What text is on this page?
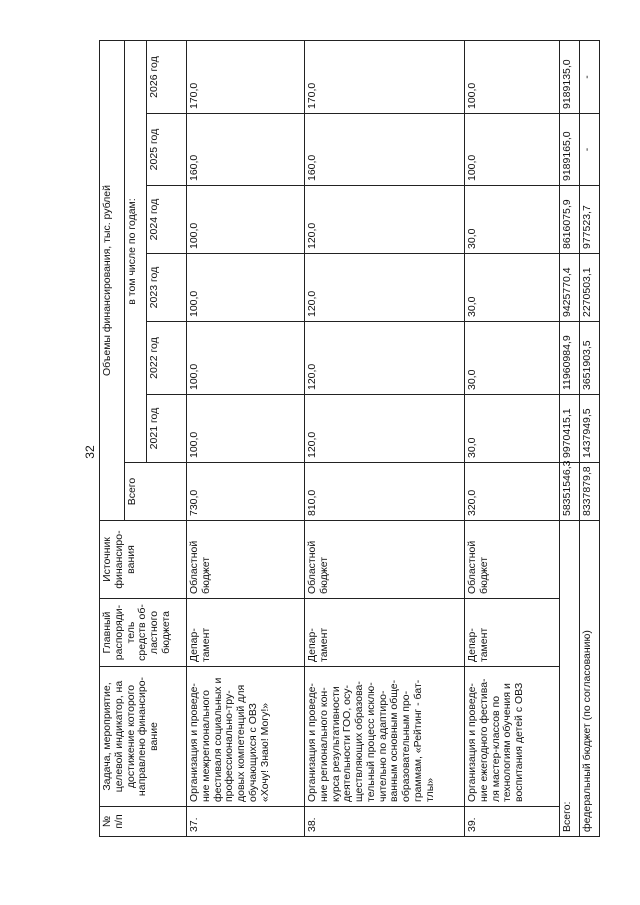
32
№ п/п	Задача, мероприятие, целевой индикатор, на достижение которого направлено финансиро-вание	Главный распоряди-тель средств об-ластного бюджета	Источник финансиро-вания	Объемы финансирования, тыс. рублей						
				Всего	в том числе по годам:					
					2021 год	2022 год	2023 год	2024 год	2025 год	2026 год
37.	Организация и проведе-ние межрегионального фестиваля социальных и профессионально-тру-довых компетенций для обучающихся с ОВЗ «Хочу! Знаю! Могу!»	Депар-тамент	Областной бюджет	730,0	100,0	100,0	100,0	100,0	160,0	170,0
38.	Организация и проведе-ние регионального кон-курса результативности деятельности ГОО, осу-ществляющих образова-тельный процесс исклю-чительно по адаптиро-ванным основным обще-образовательным про-граммам, «Рейтинг - бат-тлы»	Депар-тамент	Областной бюджет	810,0	120,0	120,0	120,0	120,0	160,0	170,0
39.	Организация и проведе-ние ежегодного фестива-ля мастер-классов по технологиям обучения и воспитания детей с ОВЗ	Депар-тамент	Областной бюджет	320,0	30,0	30,0	30,0	30,0	100,0	100,0
Всего:				58351546,3	9970415,1	11960984,9	9425770,4	8616075,9	9189165,0	9189135,0
федеральный бюджет (по согласованию)				8337879,8	1437949,5	3651903,5	2270503,1	977523,7	-	-
